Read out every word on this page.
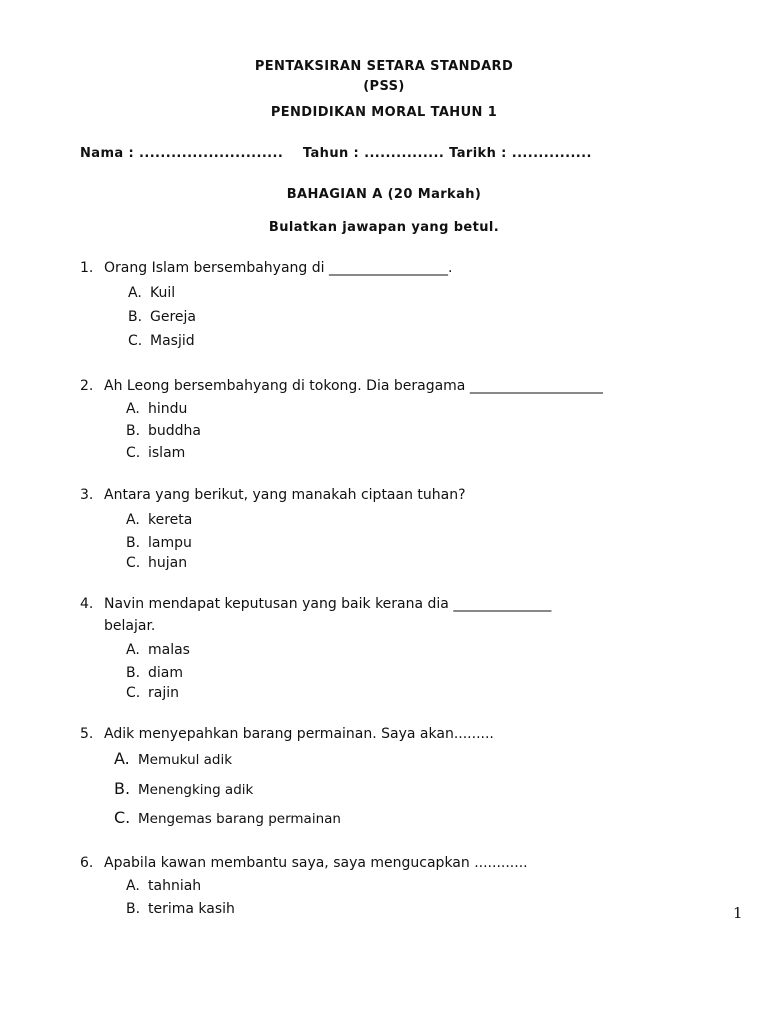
PENTAKSIRAN SETARA STANDARD
(PSS)
PENDIDIKAN MORAL TAHUN 1
Nama : ........................... Tahun : ............... Tarikh : ...............
BAHAGIAN A (20 Markah)
Bulatkan jawapan yang betul.
1. Orang Islam bersembahyang di _________________.
A. Kuil
B. Gereja
C. Masjid
2. Ah Leong bersembahyang di tokong. Dia beragama ___________________
A. hindu
B. buddha
C. islam
3. Antara yang berikut, yang manakah ciptaan tuhan?
A. kereta
B. lampu
C. hujan
4. Navin mendapat keputusan yang baik kerana dia ______________
belajar.
A. malas
B. diam
C. rajin
5. Adik menyepahkan barang permainan. Saya akan.........
A. Memukul adik
B. Menengking adik
C. Mengemas barang permainan
6. Apabila kawan membantu saya, saya mengucapkan ............
A. tahniah
B. terima kasih	1
